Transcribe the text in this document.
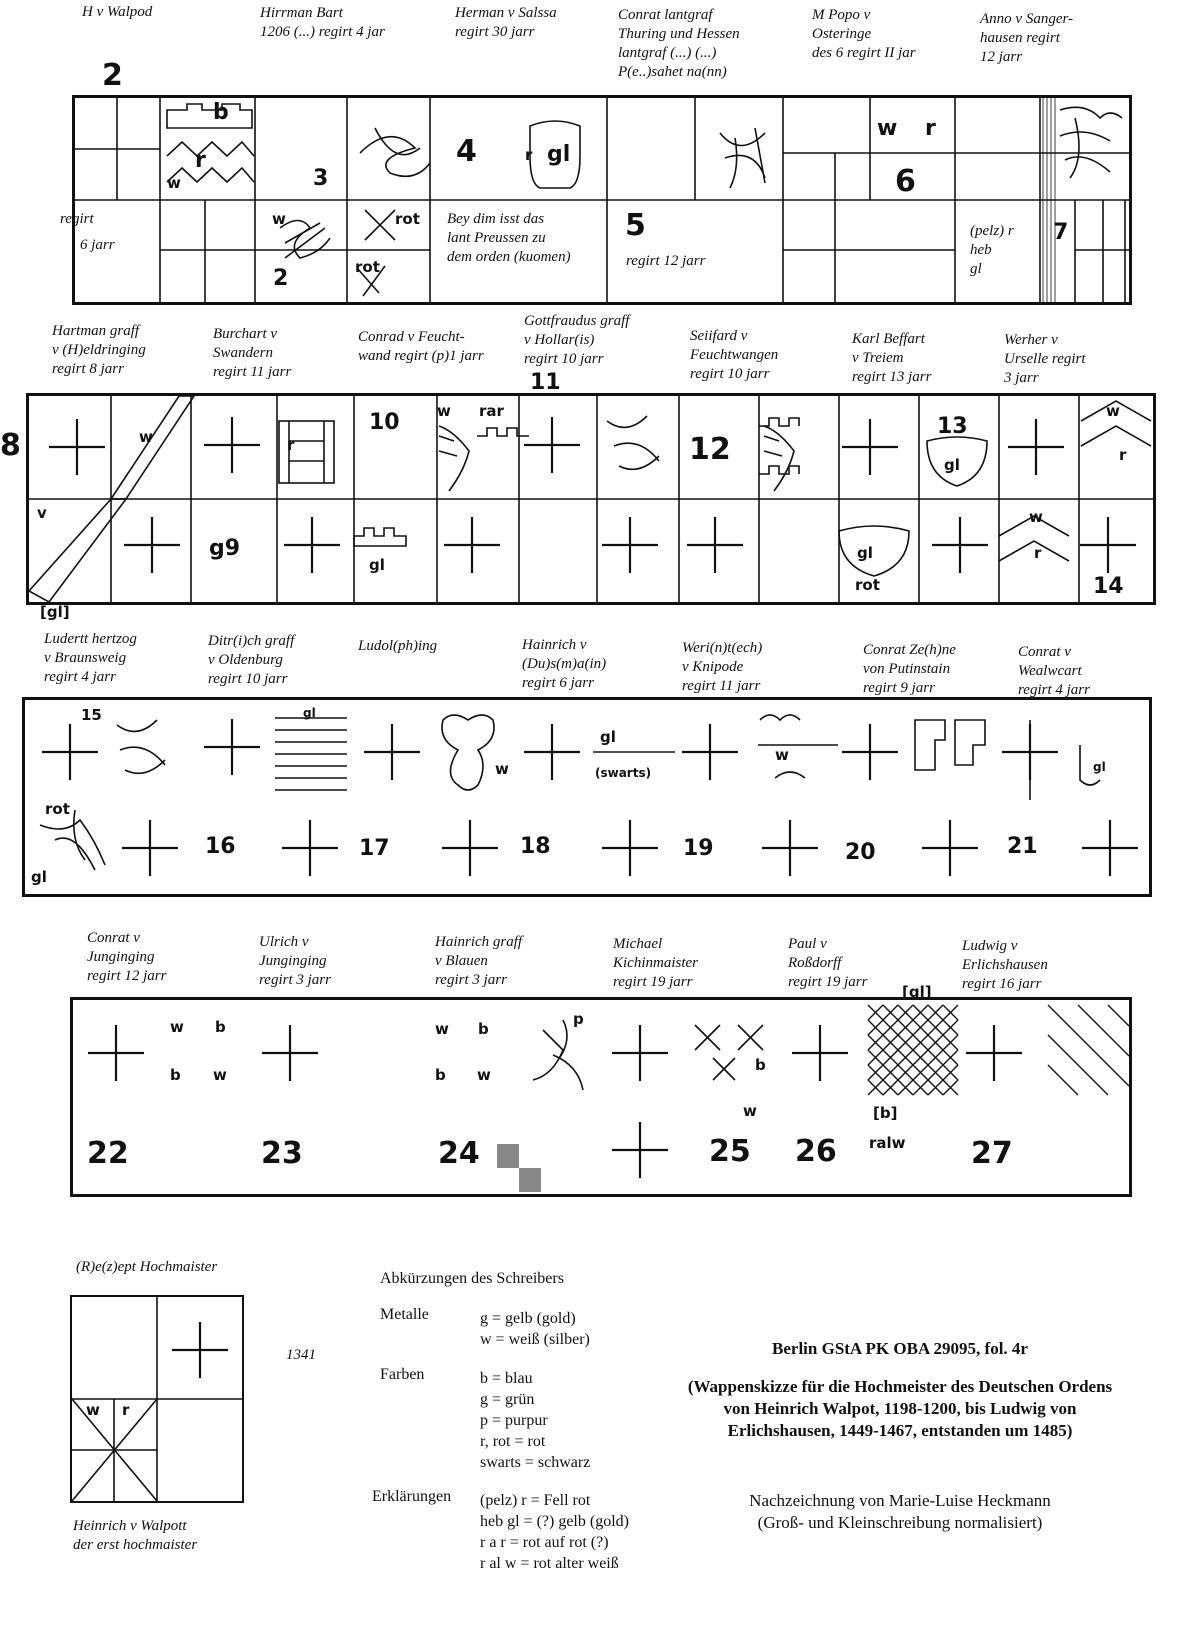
H v Walpod	Hirrman Bart
1206 (...) regirt 4 jar
Herman v Salssa
regirt 30 jarr
Conrat lantgraf
Thuring und Hessen
lantgraf (...) (...)
P(e..)sahet na(nn)
M Popo v
Osteringe
des 6 regirt II jar
Anno v Sanger-
hausen regirt
12 jarr
2
r
b
w	3
4	gl
r
w r
6
w
2
rot
rot
5	7
regirt
6 jarr
Bey dim isst das
lant Preussen zu
dem orden (kuomen)	regirt 12 jarr
(pelz) r
heb
gl
Hartman graff
v (H)eldringing
regirt 8 jarr
Burchart v
Swandern
regirt 11 jarr
Conrad v Feucht-
wand regirt (p)1 jarr
Gottfraudus graff
v Hollar(is)
regirt 10 jarr
Seiifard v
Feuchtwangen
regirt 10 jarr
Karl Beffart
v Treiem
regirt 13 jarr
Werher v
Urselle regirt
3 jarr
8
11
10
12
13
14
w rar
w	r
gl
r
w
g9
gl
gl
rot
w
r
v
[gl]
Ludertt hertzog
v Braunsweig
regirt 4 jarr
Ditr(i)ch graff
v Oldenburg
regirt 10 jarr
Ludol(ph)ing	Hainrich v
(Du)s(m)a(in)
regirt 6 jarr
Weri(n)t(ech)
v Knipode
regirt 11 jarr
Conrat Ze(h)ne
von Putinstain
regirt 9 jarr
Conrat v
Wealwcart
regirt 4 jarr
15
16	17	18	19	20	21
gl
(swarts)
rot
gl
gl
w
w
gl
Conrat v
Junginging
regirt 12 jarr
Ulrich v
Junginging
regirt 3 jarr
Hainrich graff
v Blauen
regirt 3 jarr
Michael
Kichinmaister
regirt 19 jarr
Paul v
Roßdorff
regirt 19 jarr
Ludwig v
Erlichshausen
regirt 16 jarr
[gl]
22	23	24	25 26	27
[b]
ralw
w b
b w
w b
b w
p
b
w
(R)e(z)ept Hochmaister
w r
1341
Heinrich v Walpott
der erst hochmaister
Abkürzungen des Schreibers
Metalle	g = gelb (gold)
w = weiß (silber)
Farben	b = blau
g = grün
p = purpur
r, rot = rot
swarts = schwarz
Erklärungen (pelz) r = Fell rot
heb gl = (?) gelb (gold)
r a r = rot auf rot (?)
r al w = rot alter weiß
Berlin GStA PK OBA 29095, fol. 4r
(Wappenskizze für die Hochmeister des Deutschen Ordens
von Heinrich Walpot, 1198-1200, bis Ludwig von
Erlichshausen, 1449-1467, entstanden um 1485)
Nachzeichnung von Marie-Luise Heckmann
(Groß- und Kleinschreibung normalisiert)
